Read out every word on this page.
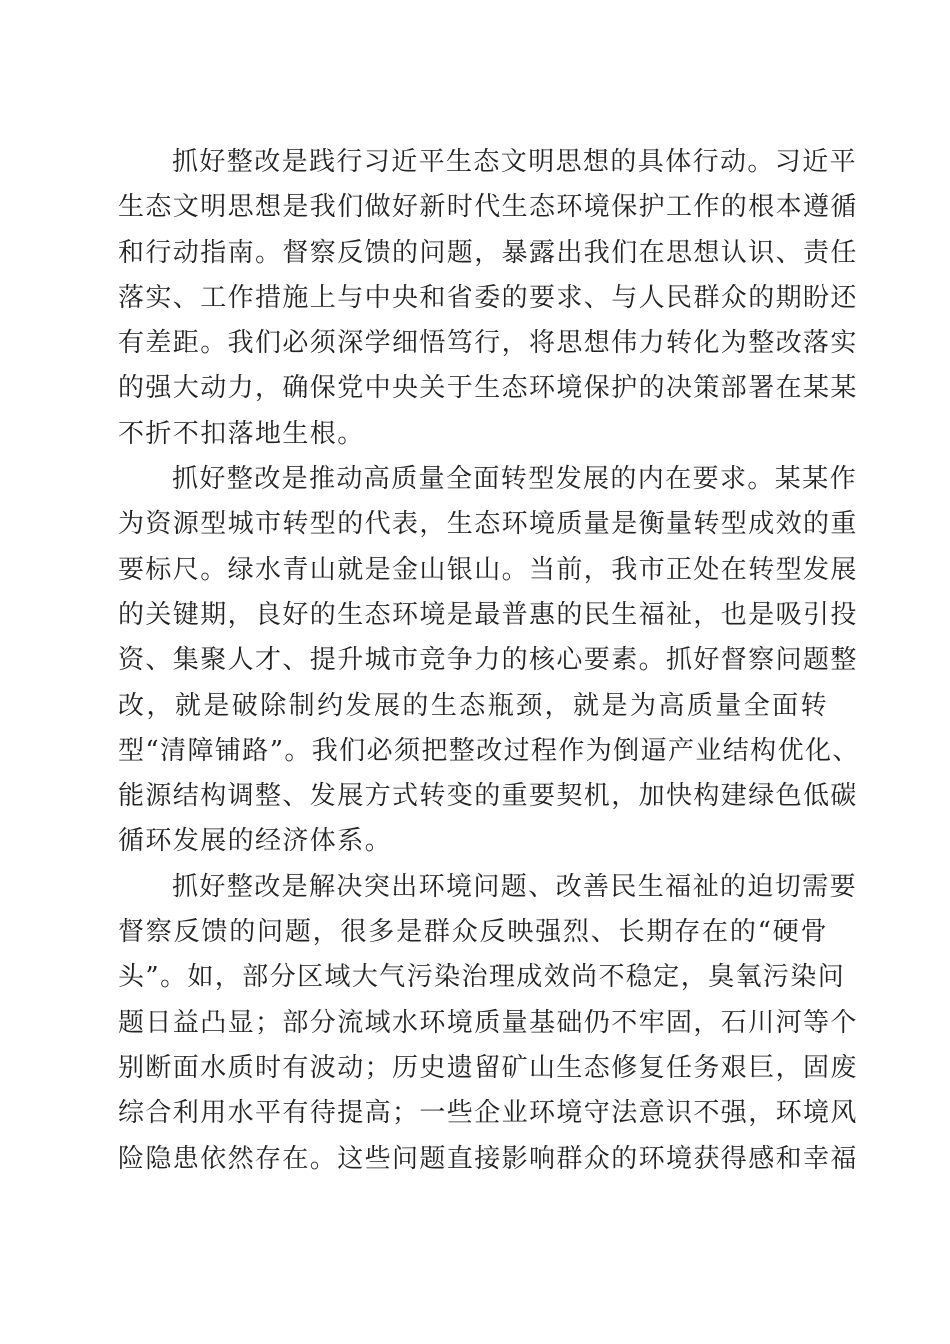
抓好整改是践行习近平生态文明思想的具体行动。习近平
生态文明思想是我们做好新时代生态环境保护工作的根本遵循
和行动指南。督察反馈的问题，暴露出我们在思想认识、责任
落实、工作措施上与中央和省委的要求、与人民群众的期盼还
有差距。我们必须深学细悟笃行，将思想伟力转化为整改落实
的强大动力，确保党中央关于生态环境保护的决策部署在某某
不折不扣落地生根。
抓好整改是推动高质量全面转型发展的内在要求。某某作
为资源型城市转型的代表，生态环境质量是衡量转型成效的重
要标尺。绿水青山就是金山银山。当前，我市正处在转型发展
的关键期，良好的生态环境是最普惠的民生福祉，也是吸引投
资、集聚人才、提升城市竞争力的核心要素。抓好督察问题整
改，就是破除制约发展的生态瓶颈，就是为高质量全面转
型“清障铺路”。我们必须把整改过程作为倒逼产业结构优化、
能源结构调整、发展方式转变的重要契机，加快构建绿色低碳
循环发展的经济体系。
抓好整改是解决突出环境问题、改善民生福祉的迫切需要
督察反馈的问题，很多是群众反映强烈、长期存在的“硬骨
头”。如，部分区域大气污染治理成效尚不稳定，臭氧污染问
题日益凸显；部分流域水环境质量基础仍不牢固，石川河等个
别断面水质时有波动；历史遗留矿山生态修复任务艰巨，固废
综合利用水平有待提高；一些企业环境守法意识不强，环境风
险隐患依然存在。这些问题直接影响群众的环境获得感和幸福
